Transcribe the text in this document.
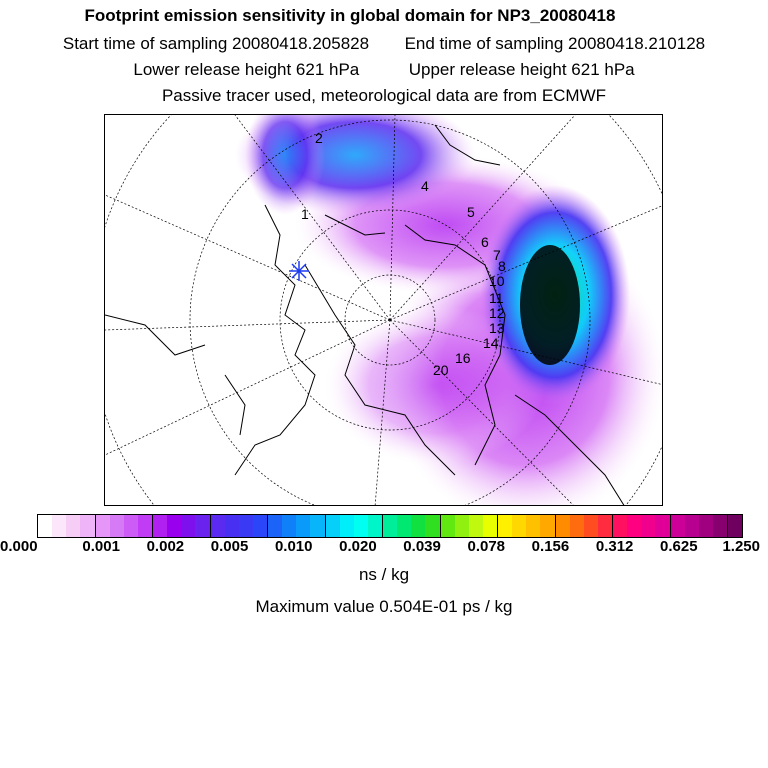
Footprint emission sensitivity in global domain for NP3_20080418
Start time of sampling 20080418.205828 End time of sampling 20080418.210128
Lower release height 621 hPa	Upper release height 621 hPa
Passive tracer used, meteorological data are from ECMWF
1
2
4
5
6
7
8
10
11
12
13
14
16
20
0.000	0.001 0.002 0.005 0.010 0.020 0.039 0.078 0.156 0.312 0.625 1.250
ns / kg
Maximum value 0.504E-01 ps / kg
